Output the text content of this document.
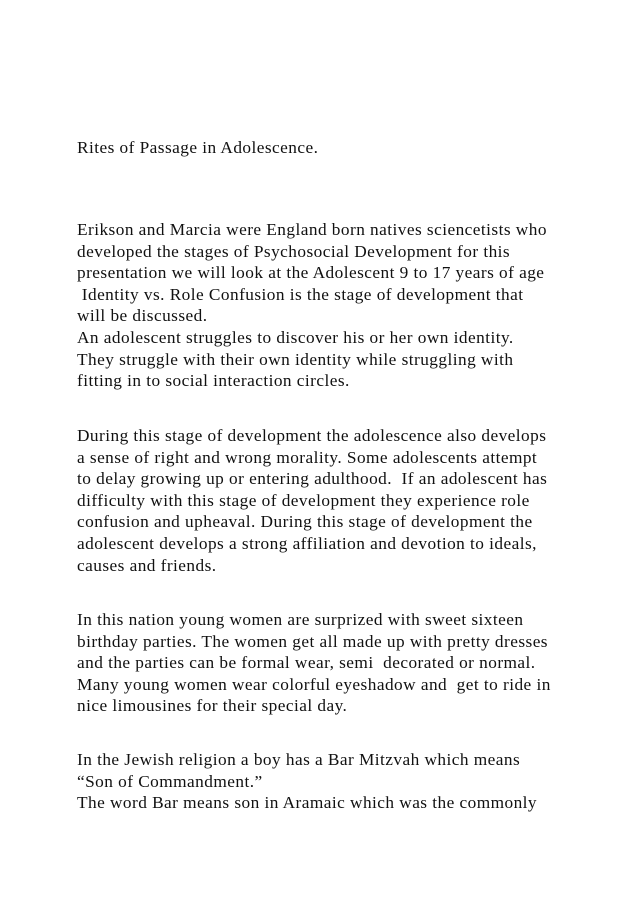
Rites of Passage in Adolescence.

Erikson and Marcia were England born natives sciencetists who
developed the stages of Psychosocial Development for this
presentation we will look at the Adolescent 9 to 17 years of age
Identity vs. Role Confusion is the stage of development that
will be discussed.
An adolescent struggles to discover his or her own identity.
They struggle with their own identity while struggling with
fitting in to social interaction circles.

During this stage of development the adolescence also develops
a sense of right and wrong morality. Some adolescents attempt
to delay growing up or entering adulthood.  If an adolescent has
difficulty with this stage of development they experience role
confusion and upheaval. During this stage of development the
adolescent develops a strong affiliation and devotion to ideals,
causes and friends.

In this nation young women are surprized with sweet sixteen
birthday parties. The women get all made up with pretty dresses
and the parties can be formal wear, semi  decorated or normal.
Many young women wear colorful eyeshadow and  get to ride in
nice limousines for their special day.

In the Jewish religion a boy has a Bar Mitzvah which means
“Son of Commandment.”
The word Bar means son in Aramaic which was the commonly
